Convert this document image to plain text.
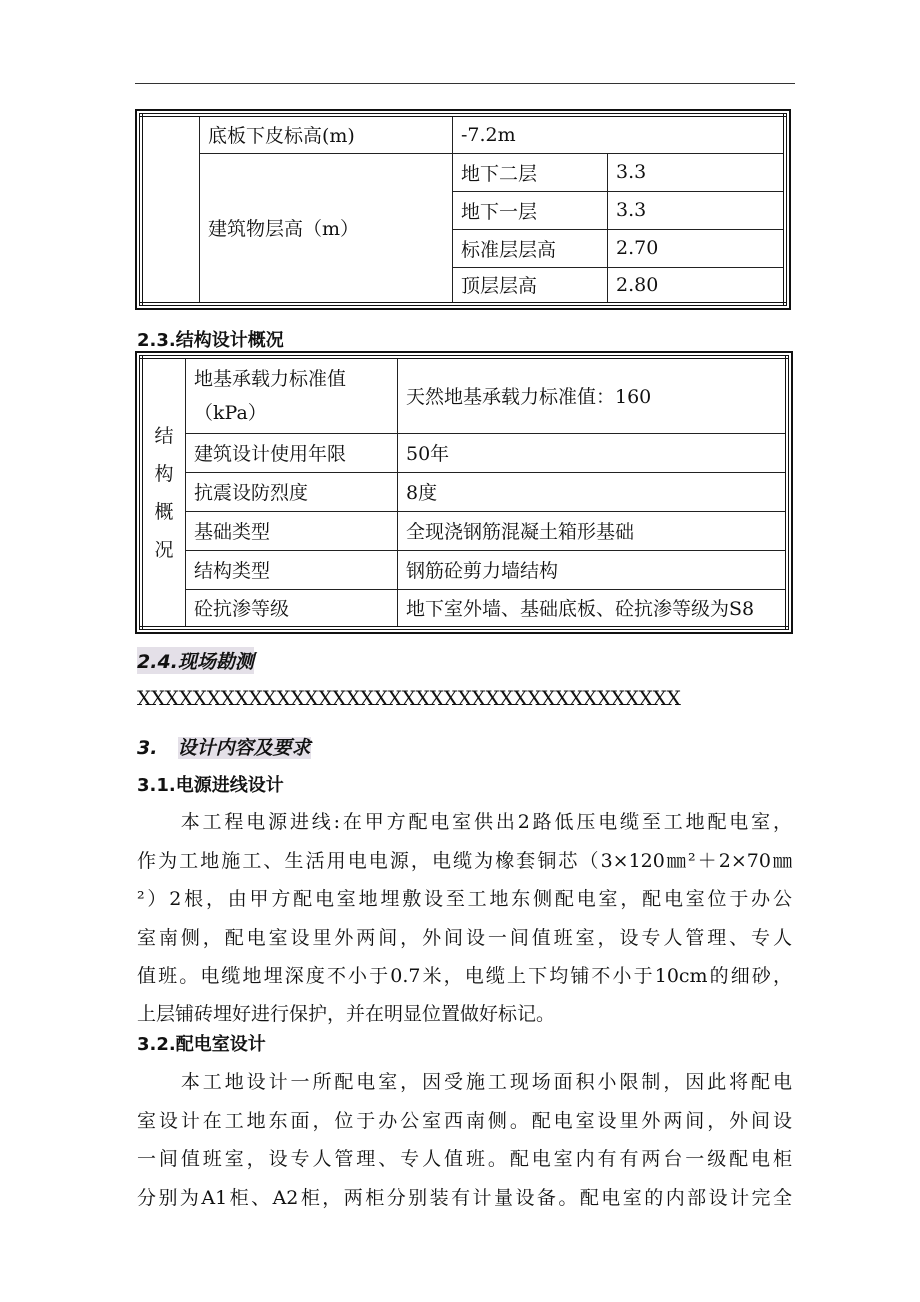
	底板下皮标高(m)	-7.2m	
	建筑物层高（m）	地下二层	3.3
		地下一层	3.3
		标准层层高	2.70
		顶层层高	2.80
2.3.结构设计概况
结构概况	地基承载力标准值（kPa）	天然地基承载力标准值：160
	建筑设计使用年限	50年
	抗震设防烈度	8度
	基础类型	全现浇钢筋混凝土箱形基础
	结构类型	钢筋砼剪力墙结构
	砼抗渗等级	地下室外墙、基础底板、砼抗渗等级为S8
2.4.现场勘测
XXXXXXXXXXXXXXXXXXXXXXXXXXXXXXXXXXXXXXX
3. 设计内容及要求
3.1.电源进线设计
　　本工程电源进线:在甲方配电室供出2路低压电缆至工地配电室，
作为工地施工、生活用电电源，电缆为橡套铜芯（3×120㎜²＋2×70㎜
²）2根，由甲方配电室地埋敷设至工地东侧配电室，配电室位于办公
室南侧，配电室设里外两间，外间设一间值班室，设专人管理、专人
值班。电缆地埋深度不小于0.7米，电缆上下均铺不小于10cm的细砂，
上层铺砖埋好进行保护，并在明显位置做好标记。
3.2.配电室设计
　　本工地设计一所配电室，因受施工现场面积小限制，因此将配电
室设计在工地东面，位于办公室西南侧。配电室设里外两间，外间设
一间值班室，设专人管理、专人值班。配电室内有有两台一级配电柜
分别为A1柜、A2柜，两柜分别装有计量设备。配电室的内部设计完全
